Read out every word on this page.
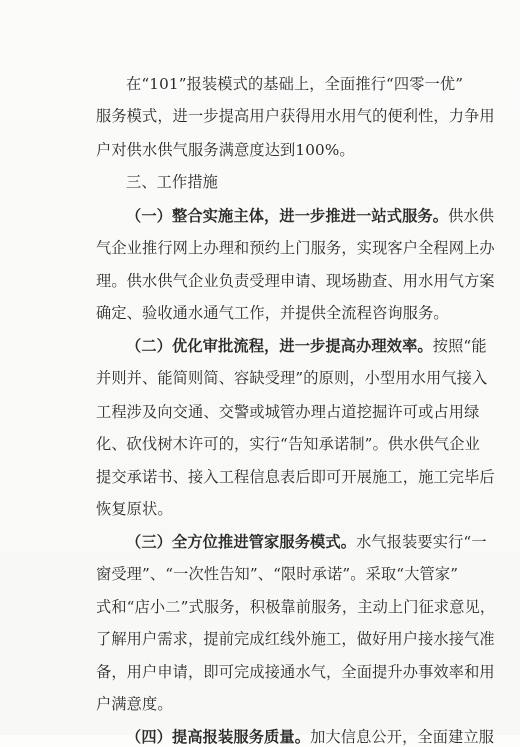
在“101”报装模式的基础上，全面推行“四零一优”
服务模式，进一步提高用户获得用水用气的便利性，力争用
户对供水供气服务满意度达到100%。
三、工作措施
（一）整合实施主体，进一步推进一站式服务。供水供
气企业推行网上办理和预约上门服务，实现客户全程网上办
理。供水供气企业负责受理申请、现场勘查、用水用气方案
确定、验收通水通气工作，并提供全流程咨询服务。
（二）优化审批流程，进一步提高办理效率。按照“能
并则并、能简则简、容缺受理”的原则，小型用水用气接入
工程涉及向交通、交警或城管办理占道挖掘许可或占用绿
化、砍伐树木许可的，实行“告知承诺制”。供水供气企业
提交承诺书、接入工程信息表后即可开展施工，施工完毕后
恢复原状。
（三）全方位推进管家服务模式。水气报装要实行“一
窗受理”、“一次性告知”、“限时承诺”。采取“大管家”
式和“店小二”式服务，积极靠前服务，主动上门征求意见，
了解用户需求，提前完成红线外施工，做好用户接水接气准
备，用户申请，即可完成接通水气，全面提升办事效率和用
户满意度。
（四）提高报装服务质量。加大信息公开，全面建立服
